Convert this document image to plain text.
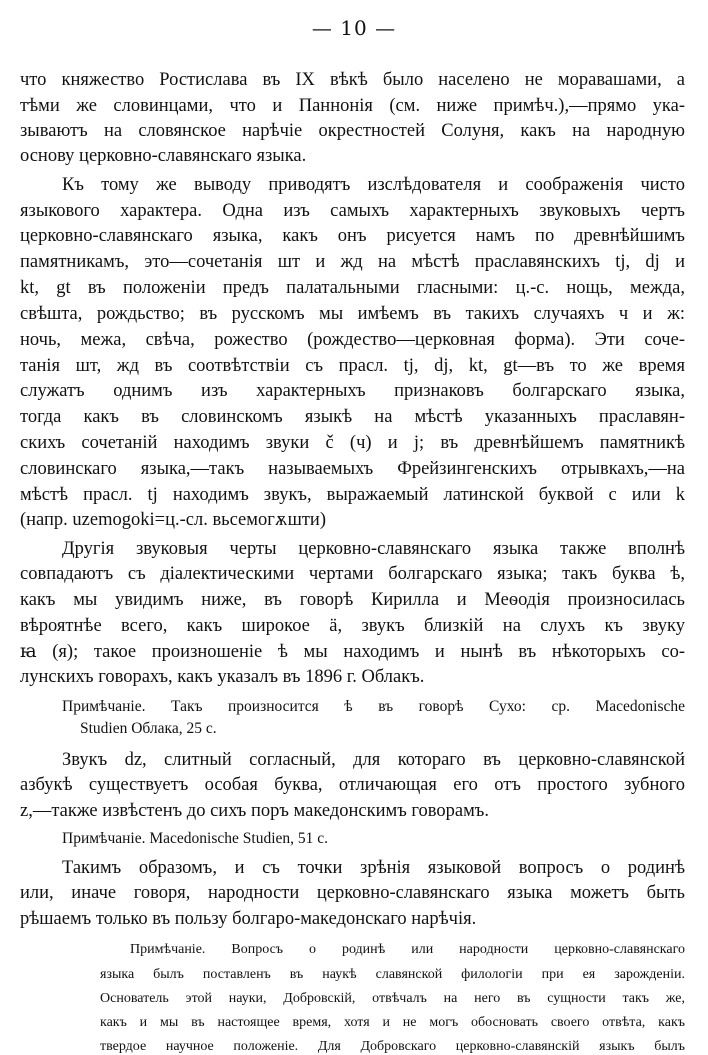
— 10 —
что княжество Ростислава въ IX вѣкѣ было населено не моравашами, а
тѣми же словинцами, что и Паннонія (см. ниже примѣч.),—прямо ука-
зываютъ на словянское нарѣчіе окрестностей Солуня, какъ на народную
основу церковно-славянскаго языка.
Къ тому же выводу приводятъ изслѣдователя и соображенія чисто
языкового характера. Одна изъ самыхъ характерныхъ звуковыхъ чертъ
церковно-славянскаго языка, какъ онъ рисуется намъ по древнѣйшимъ
памятникамъ, это—сочетанія шт и жд на мѣстѣ праславянскихъ tj, dj и
kt, gt въ положеніи предъ палатальными гласными: ц.-с. нощь, межда,
свѣшта, рождьство; въ русскомъ мы имѣемъ въ такихъ случаяхъ ч и ж:
ночь, межа, свѣча, рожество (рождество—церковная форма). Эти сочe-
танія шт, жд въ соотвѣтствіи съ прасл. tj, dj, kt, gt—въ то же время
служатъ однимъ изъ характерныхъ признаковъ болгарскаго языка,
тогда какъ въ словинскомъ языкѣ на мѣстѣ указанныхъ праславян-
скихъ сочетаній находимъ звуки č (ч) и j; въ древнѣйшемъ памятникѣ
словинскаго языка,—такъ называемыхъ Фрейзингенскихъ отрывкахъ,—на
мѣстѣ прасл. tj находимъ звукъ, выражаемый латинской буквой с или k
(напр. uzemogoki=ц.-сл. вьсемогѫшти)
Другія звуковыя черты церковно-славянскаго языка также вполнѣ
совпадаютъ съ діалектическими чертами болгарскаго языка; такъ буква ѣ,
какъ мы увидимъ ниже, въ говорѣ Кирилла и Меѳодія произносилась
вѣроятнѣе всего, какъ широкое ä, звукъ близкій на слухъ къ звуку
ꙗ (я); такое произношеніе ѣ мы находимъ и нынѣ въ нѣкоторыхъ со-
лунскихъ говорахъ, какъ указалъ въ 1896 г. Облакъ.
Примѣчаніе. Такъ произносится ѣ въ говорѣ Сухо: ср. Macedonische
Studien Облака, 25 с.
Звукъ dz, слитный согласный, для котораго въ церковно-славянской
азбукѣ существуетъ особая буква, отличающая его отъ простого зубного
z,—также извѣстенъ до сихъ поръ македонскимъ говорамъ.
Примѣчаніе. Macedonische Studien, 51 с.
Такимъ образомъ, и съ точки зрѣнія языковой вопросъ о родинѣ
или, иначе говоря, народности церковно-славянскаго языка можетъ быть
рѣшаемъ только въ пользу болгаро-македонскаго нарѣчія.
Примѣчаніе. Вопросъ о родинѣ или народности церковно-славянскаго
языка былъ поставленъ въ наукѣ славянской филологіи при ея зарожденіи.
Основатель этой науки, Добровскій, отвѣчалъ на него въ сущности такъ же,
какъ и мы въ настоящее время, хотя и не могъ обосновать своего отвѣта, какъ
твердое научное положеніе. Для Добровскаго церковно-славянскій языкъ былъ
